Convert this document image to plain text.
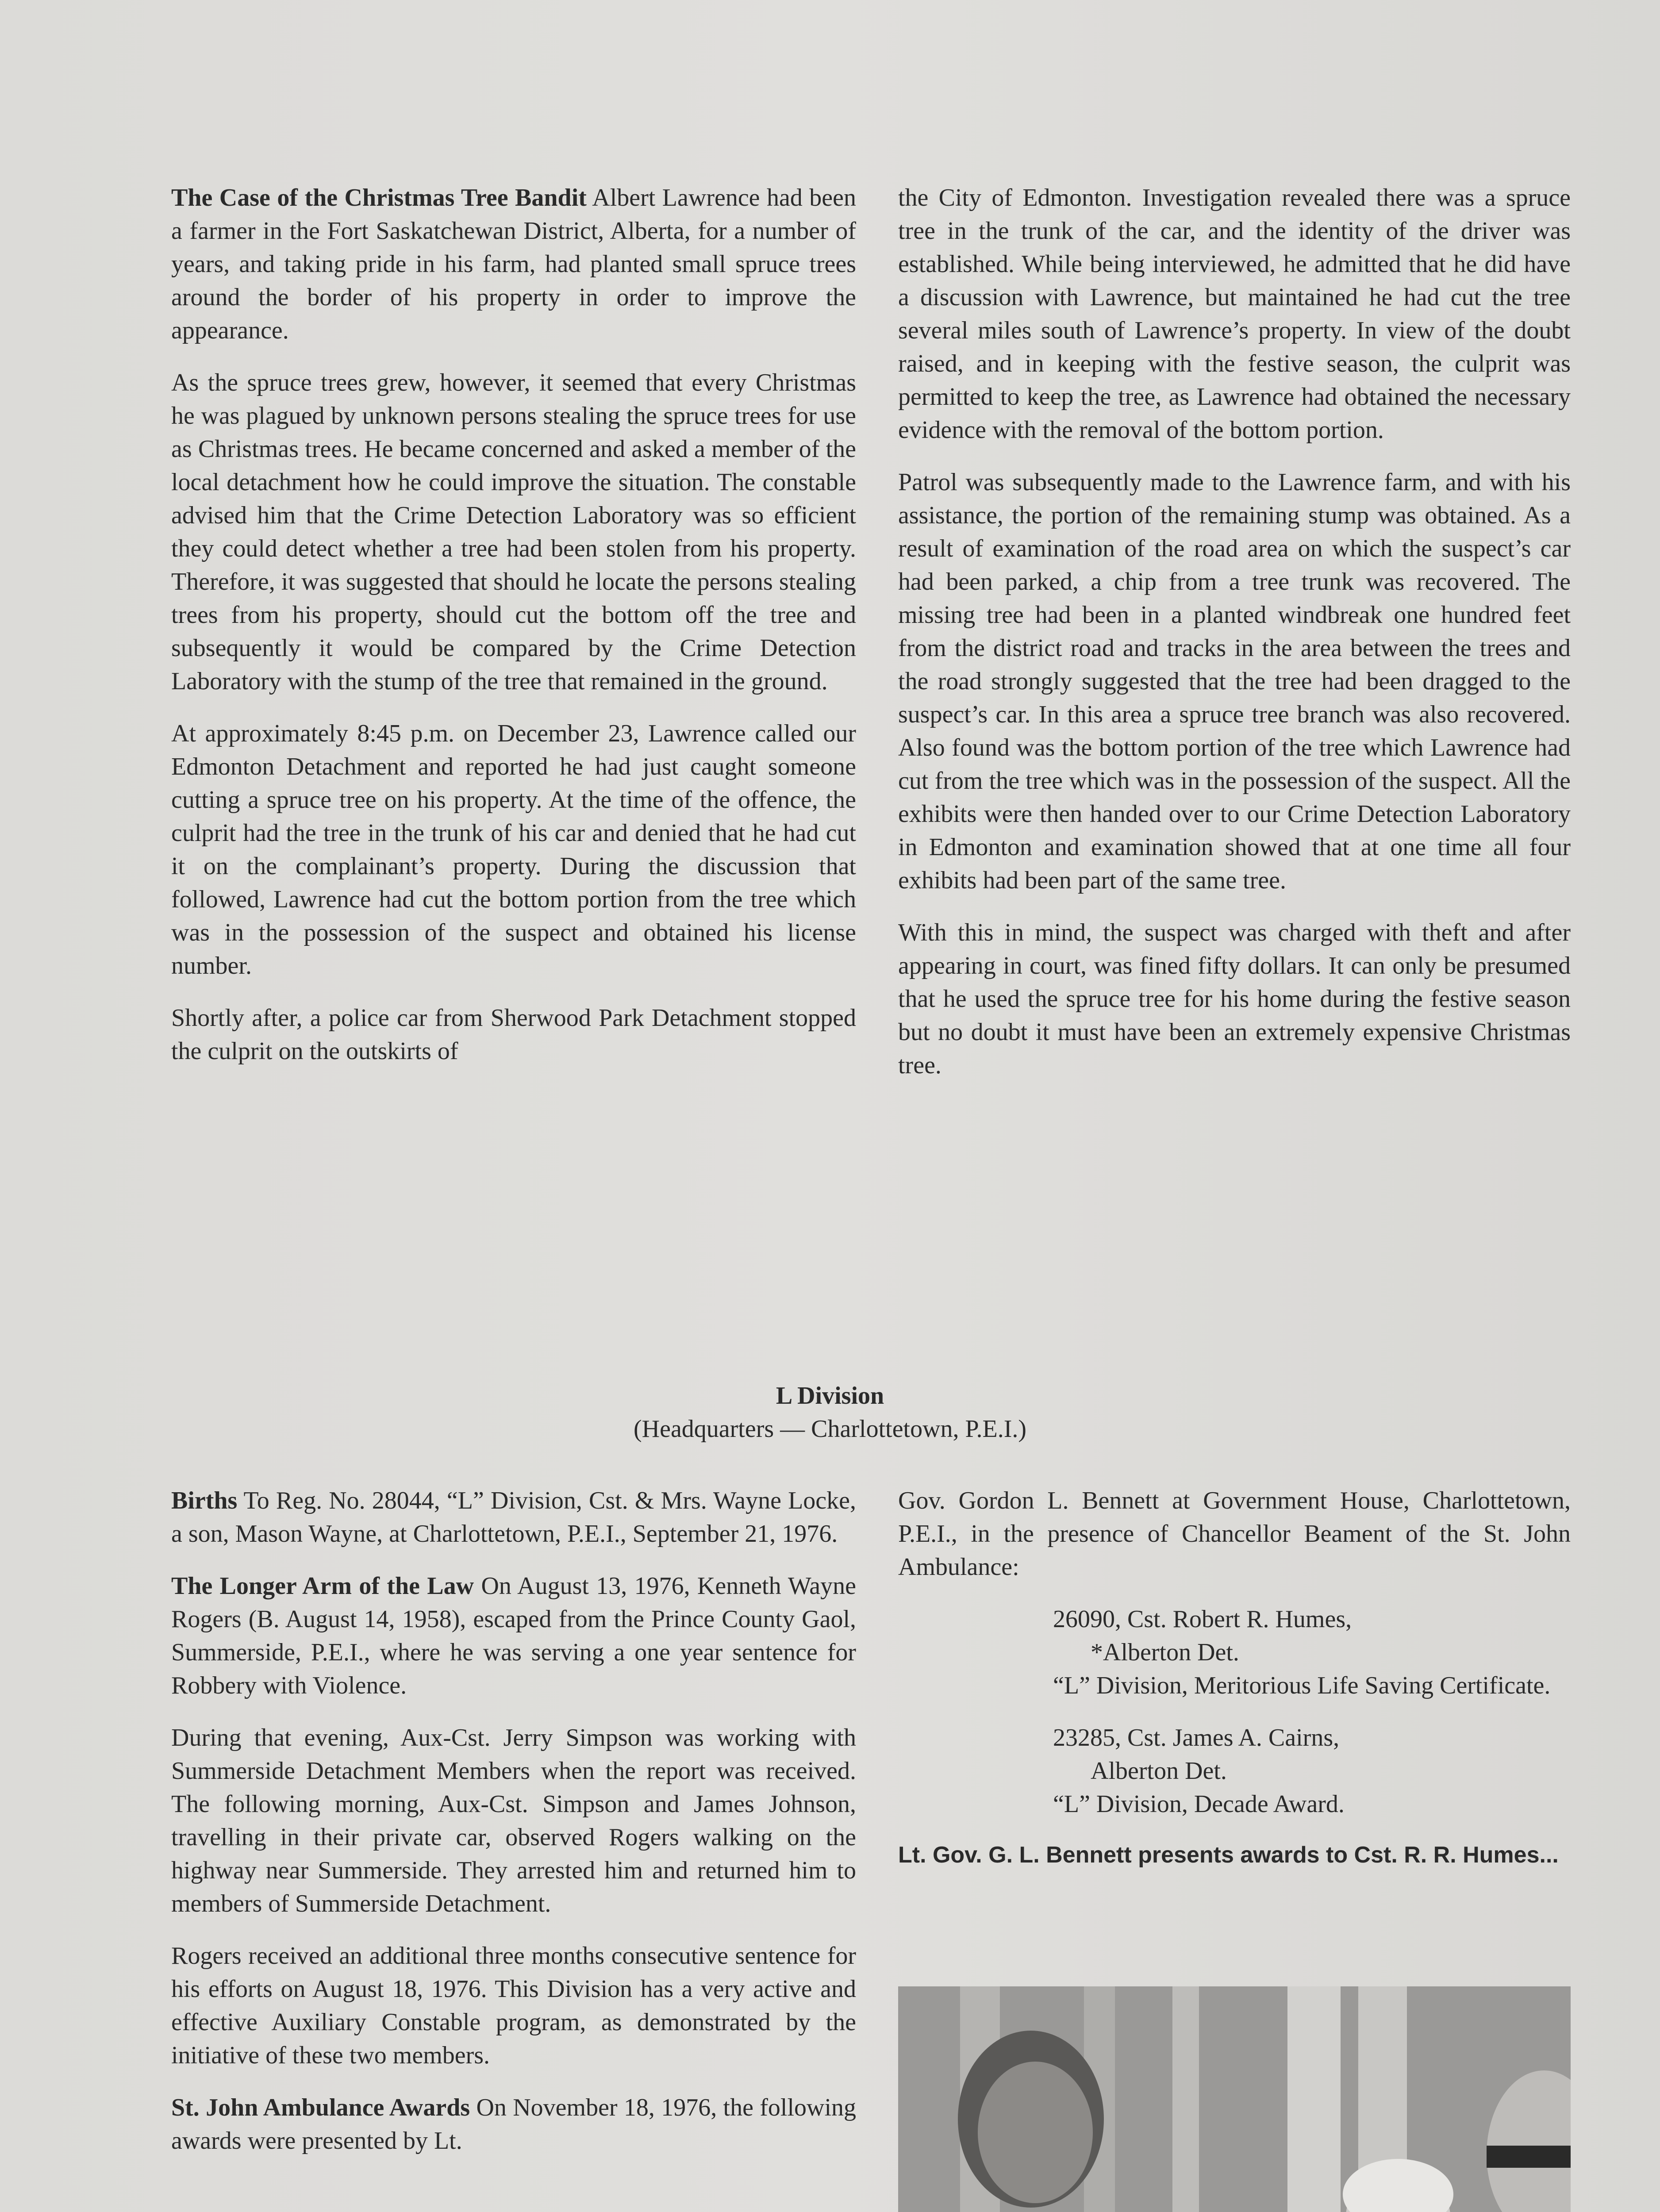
The Case of the Christmas Tree Bandit Albert Lawrence had been a farmer in the Fort Saskatchewan District, Alberta, for a number of years, and taking pride in his farm, had planted small spruce trees around the border of his property in order to improve the appearance.

As the spruce trees grew, however, it seemed that every Christmas he was plagued by unknown persons stealing the spruce trees for use as Christmas trees. He became concerned and asked a member of the local detachment how he could improve the situation. The constable advised him that the Crime Detection Laboratory was so efficient they could detect whether a tree had been stolen from his property. Therefore, it was suggested that should he locate the persons stealing trees from his property, should cut the bottom off the tree and subsequently it would be compared by the Crime Detection Laboratory with the stump of the tree that remained in the ground.

At approximately 8:45 p.m. on December 23, Lawrence called our Edmonton Detachment and reported he had just caught someone cutting a spruce tree on his property. At the time of the offence, the culprit had the tree in the trunk of his car and denied that he had cut it on the complainant’s property. During the discussion that followed, Lawrence had cut the bottom portion from the tree which was in the possession of the suspect and obtained his license number.

Shortly after, a police car from Sherwood Park Detachment stopped the culprit on the outskirts of

the City of Edmonton. Investigation revealed there was a spruce tree in the trunk of the car, and the identity of the driver was established. While being interviewed, he admitted that he did have a discussion with Lawrence, but maintained he had cut the tree several miles south of Lawrence’s property. In view of the doubt raised, and in keeping with the festive season, the culprit was permitted to keep the tree, as Lawrence had obtained the necessary evidence with the removal of the bottom portion.

Patrol was subsequently made to the Lawrence farm, and with his assistance, the portion of the remaining stump was obtained. As a result of examination of the road area on which the suspect’s car had been parked, a chip from a tree trunk was recovered. The missing tree had been in a planted windbreak one hundred feet from the district road and tracks in the area between the trees and the road strongly suggested that the tree had been dragged to the suspect’s car. In this area a spruce tree branch was also recovered. Also found was the bottom portion of the tree which Lawrence had cut from the tree which was in the possession of the suspect. All the exhibits were then handed over to our Crime Detection Laboratory in Edmonton and examination showed that at one time all four exhibits had been part of the same tree.

With this in mind, the suspect was charged with theft and after appearing in court, was fined fifty dollars. It can only be presumed that he used the spruce tree for his home during the festive season but no doubt it must have been an extremely expensive Christmas tree.

L Division
(Headquarters — Charlottetown, P.E.I.)

Births To Reg. No. 28044, “L” Division, Cst. & Mrs. Wayne Locke, a son, Mason Wayne, at Charlottetown, P.E.I., September 21, 1976.

The Longer Arm of the Law On August 13, 1976, Kenneth Wayne Rogers (B. August 14, 1958), escaped from the Prince County Gaol, Summerside, P.E.I., where he was serving a one year sentence for Robbery with Violence.

During that evening, Aux-Cst. Jerry Simpson was working with Summerside Detachment Members when the report was received. The following morning, Aux-Cst. Simpson and James Johnson, travelling in their private car, observed Rogers walking on the highway near Summerside. They arrested him and returned him to members of Summerside Detachment.

Rogers received an additional three months consecutive sentence for his efforts on August 18, 1976. This Division has a very active and effective Auxiliary Constable program, as demonstrated by the initiative of these two members.

St. John Ambulance Awards On November 18, 1976, the following awards were presented by Lt.

Gov. Gordon L. Bennett at Government House, Charlottetown, P.E.I., in the presence of Chancellor Beament of the St. John Ambulance:

26090, Cst. Robert R. Humes,
*Alberton Det.
“L” Division, Meritorious Life Saving Certificate.
23285, Cst. James A. Cairns,
Alberton Det.
“L” Division, Decade Award.
Lt. Gov. G. L. Bennett presents awards to Cst. R. R. Humes...
